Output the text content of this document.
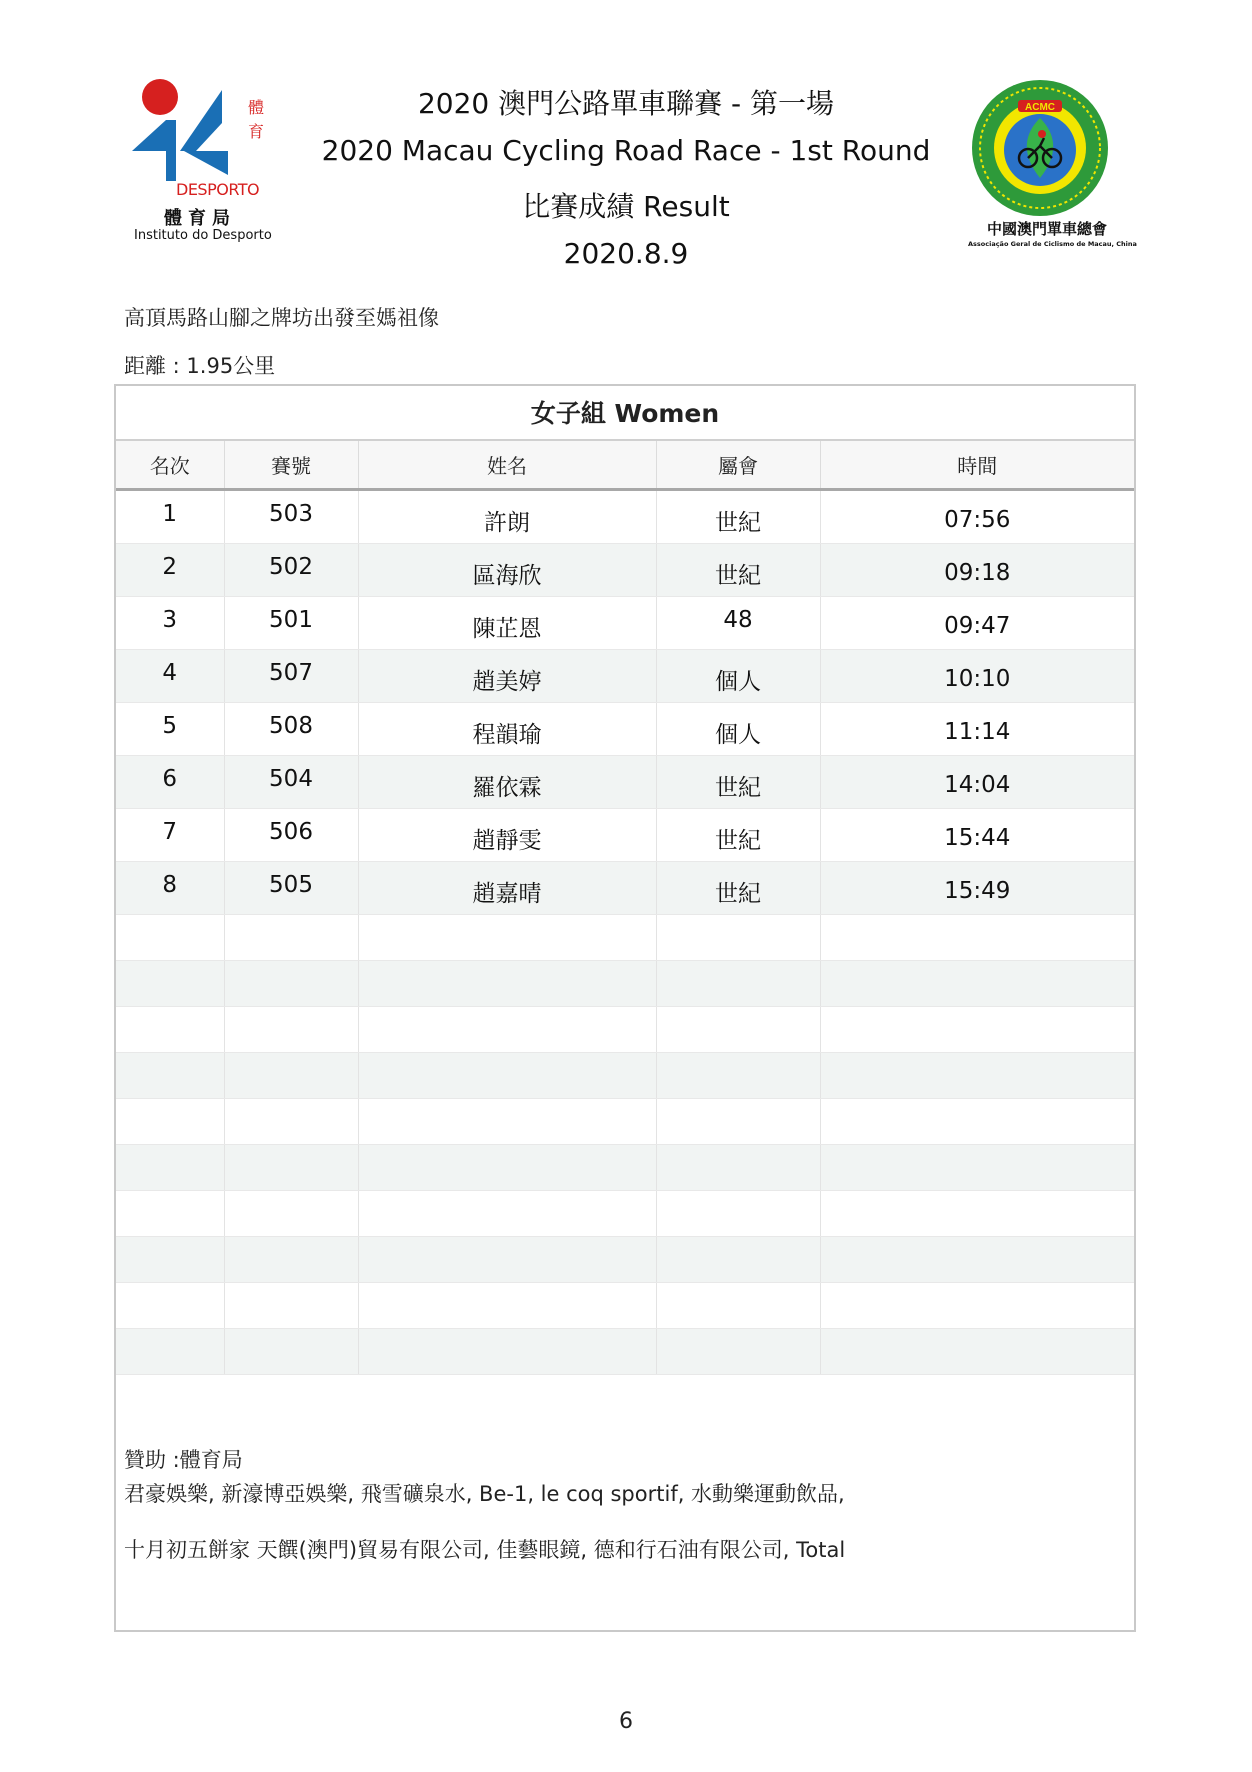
體育
DESPORTO
體育局
Instituto do Desporto
2020 澳門公路單車聯賽 - 第一場
2020 Macau Cycling Road Race - 1st Round
比賽成績 Result
2020.8.9
ACMC
中國澳門單車總會
Associação Geral de Ciclismo de Macau, China
高頂馬路山腳之牌坊出發至媽祖像
距離 : 1.95公里
女子組 Women
名次	賽號	姓名	屬會	時間
1	503	許朗	世紀	07:56
2	502	區海欣	世紀	09:18
3	501	陳芷恩	48	09:47
4	507	趙美婷	個人	10:10
5	508	程韻瑜	個人	11:14
6	504	羅依霖	世紀	14:04
7	506	趙靜雯	世紀	15:44
8	505	趙嘉晴	世紀	15:49

贊助 :體育局
君豪娛樂, 新濠博亞娛樂, 飛雪礦泉水, Be-1, le coq sportif, 水動樂運動飲品,
十月初五餅家 天饌(澳門)貿易有限公司, 佳藝眼鏡, 德和行石油有限公司, Total
6
